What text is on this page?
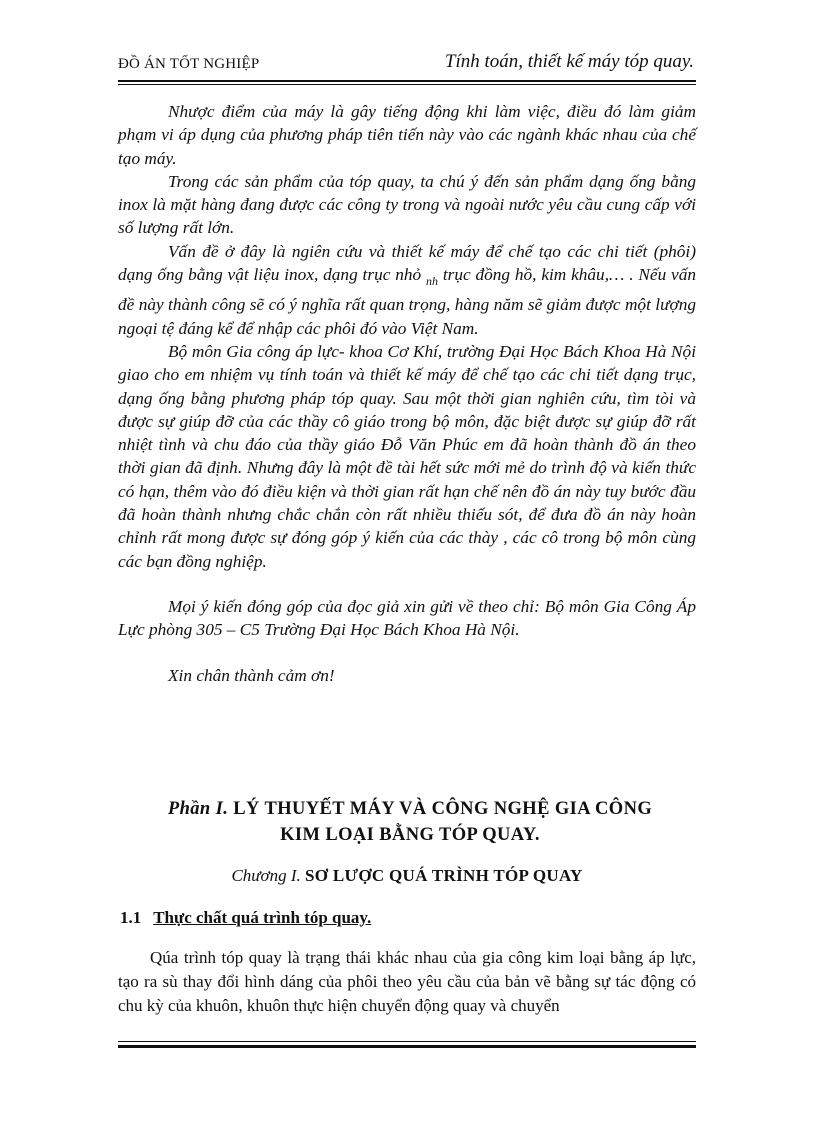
ĐỒ ÁN TỐT NGHIỆP	Tính toán, thiết kế máy tóp quay.

Nhược điểm của máy là gây tiếng động khi làm việc, điều đó làm giảm phạm vi áp dụng của phương pháp tiên tiến này vào các ngành khác nhau của chế tạo máy.

Trong các sản phẩm của tóp quay, ta chú ý đến sản phẩm dạng ống bằng inox là mặt hàng đang được các công ty trong và ngoài nước yêu cầu cung cấp với số lượng rất lớn.

Vấn đề ở đây là ngiên cứu và thiết kế máy để chế tạo các chi tiết (phôi) dạng ống bằng vật liệu inox, dạng trục nhỏ $_{nh}$ trục đồng hồ, kim khâu,… . Nếu vấn đề này thành công sẽ có ý nghĩa rất quan trọng, hàng năm sẽ giảm được một lượng ngoại tệ đáng kể để nhập các phôi đó vào Việt Nam.

Bộ môn Gia công áp lực- khoa Cơ Khí, trường Đại Học Bách Khoa Hà Nội giao cho em nhiệm vụ tính toán và thiết kế máy để chế tạo các chi tiết dạng trục, dạng ống bằng phương pháp tóp quay. Sau một thời gian nghiên cứu, tìm tòi và được sự giúp đỡ của các thầy cô giáo trong bộ môn, đặc biệt được sự giúp đỡ rất nhiệt tình và chu đáo của thầy giáo Đỗ Văn Phúc em đã hoàn thành đồ án theo thời gian đã định. Nhưng đây là một đề tài hết sức mới mẻ do trình độ và kiến thức có hạn, thêm vào đó điều kiện và thời gian rất hạn chế nên đồ án này tuy bước đầu đã hoàn thành nhưng chắc chắn còn rất nhiều thiếu sót, để đưa đồ án này hoàn chỉnh rất mong được sự đóng góp ý kiến của các thày , các cô trong bộ môn cùng các bạn đồng nghiệp.

Mọi ý kiến đóng góp của đọc giả xin gửi về theo chỉ: Bộ môn Gia Công Áp Lực phòng 305 – C5 Trường Đại Học Bách Khoa Hà Nội.

Xin chân thành cảm ơn!

Phần I. LÝ THUYẾT MÁY VÀ CÔNG NGHỆ GIA CÔNG
KIM LOẠI BẰNG TÓP QUAY.
Chương I. SƠ LƯỢC QUÁ TRÌNH TÓP QUAY
1.1 Thực chất quá trình tóp quay.

Qúa trình tóp quay là trạng thái khác nhau của gia công kim loại bằng áp lực, tạo ra sù thay đổi hình dáng của phôi theo yêu cầu của bản vẽ bằng sự tác động có chu kỳ của khuôn, khuôn thực hiện chuyển động quay và chuyển
